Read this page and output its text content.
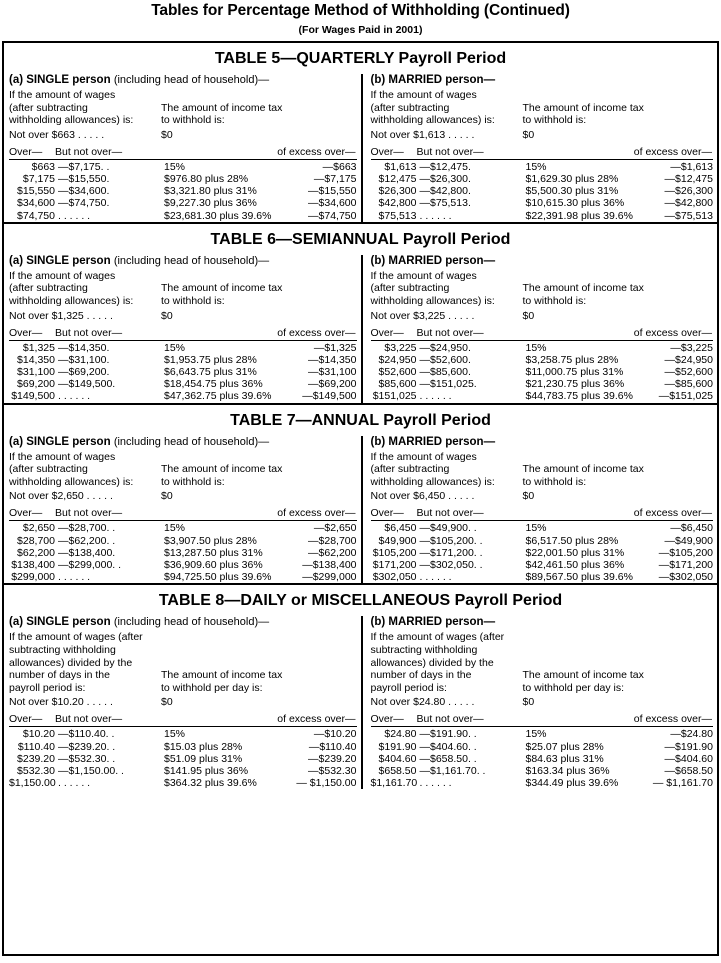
Tables for Percentage Method of Withholding (Continued)
(For Wages Paid in 2001)
TABLE 5—QUARTERLY Payroll Period
(a) SINGLE person (including head of household)—
If the amount of wages
(after subtracting
withholding allowances) is:
The amount of income tax
to withhold is:
Not over $663 . . . . .	$0
Over—	But not over—	of excess over—
$663 —$7,175. .	15%	—$663
$7,175 —$15,550.	$976.80 plus 28%	—$7,175
$15,550 —$34,600.	$3,321.80 plus 31%	—$15,550
$34,600 —$74,750.	$9,227.30 plus 36%	—$34,600
$74,750 . . . . . .	$23,681.30 plus 39.6%	—$74,750
(b) MARRIED person—
If the amount of wages
(after subtracting
withholding allowances) is:
The amount of income tax
to withhold is:
Not over $1,613 . . . . .	$0
Over—	But not over—	of excess over—
$1,613 —$12,475.	15%	—$1,613
$12,475 —$26,300.	$1,629.30 plus 28%	—$12,475
$26,300 —$42,800.	$5,500.30 plus 31%	—$26,300
$42,800 —$75,513.	$10,615.30 plus 36%	—$42,800
$75,513 . . . . . .	$22,391.98 plus 39.6%	—$75,513
TABLE 6—SEMIANNUAL Payroll Period
(a) SINGLE person (including head of household)—
If the amount of wages
(after subtracting
withholding allowances) is:
The amount of income tax
to withhold is:
Not over $1,325 . . . . .	$0
Over—	But not over—	of excess over—
$1,325 —$14,350.	15%	—$1,325
$14,350 —$31,100.	$1,953.75 plus 28%	—$14,350
$31,100 —$69,200.	$6,643.75 plus 31%	—$31,100
$69,200 —$149,500.	$18,454.75 plus 36%	—$69,200
$149,500 . . . . . .	$47,362.75 plus 39.6%	—$149,500
(b) MARRIED person—
If the amount of wages
(after subtracting
withholding allowances) is:
The amount of income tax
to withhold is:
Not over $3,225 . . . . .	$0
Over—	But not over—	of excess over—
$3,225 —$24,950.	15%	—$3,225
$24,950 —$52,600.	$3,258.75 plus 28%	—$24,950
$52,600 —$85,600.	$11,000.75 plus 31%	—$52,600
$85,600 —$151,025.	$21,230.75 plus 36%	—$85,600
$151,025 . . . . . .	$44,783.75 plus 39.6% —$151,025
TABLE 7—ANNUAL Payroll Period
(a) SINGLE person (including head of household)—
If the amount of wages
(after subtracting
withholding allowances) is:
The amount of income tax
to withhold is:
Not over $2,650 . . . . .	$0
Over—	But not over—	of excess over—
$2,650 —$28,700. .	15%	—$2,650
$28,700 —$62,200. .	$3,907.50 plus 28%	—$28,700
$62,200 —$138,400.	$13,287.50 plus 31%	—$62,200
$138,400 —$299,000. .	$36,909.60 plus 36%	—$138,400
$299,000 . . . . . .	$94,725.50 plus 39.6%	—$299,000
(b) MARRIED person—
If the amount of wages
(after subtracting
withholding allowances) is:
The amount of income tax
to withhold is:
Not over $6,450 . . . . .	$0
Over—	But not over—	of excess over—
$6,450 —$49,900. .	15%	—$6,450
$49,900 —$105,200. .	$6,517.50 plus 28%	—$49,900
$105,200 —$171,200. .	$22,001.50 plus 31%	—$105,200
$171,200 —$302,050. .	$42,461.50 plus 36%	—$171,200
$302,050 . . . . . .	$89,567.50 plus 39.6% —$302,050
TABLE 8—DAILY or MISCELLANEOUS Payroll Period
(a) SINGLE person (including head of household)—
If the amount of wages (after
subtracting withholding
allowances) divided by the
number of days in the
payroll period is:
The amount of income tax
to withhold per day is:
Not over $10.20 . . . . .	$0
Over—	But not over—	of excess over—
$10.20 —$110.40. .	15%	—$10.20
$110.40 —$239.20. .	$15.03 plus 28%	—$110.40
$239.20 —$532.30. .	$51.09 plus 31%	—$239.20
$532.30 —$1,150.00. .	$141.95 plus 36%	—$532.30
$1,150.00 . . . . . .	$364.32 plus 39.6%	— $1,150.00
(b) MARRIED person—
If the amount of wages (after
subtracting withholding
allowances) divided by the
number of days in the
payroll period is:
The amount of income tax
to withhold per day is:
Not over $24.80 . . . . .	$0
Over—	But not over—	of excess over—
$24.80 —$191.90. .	15%	—$24.80
$191.90 —$404.60. .	$25.07 plus 28%	—$191.90
$404.60 —$658.50. .	$84.63 plus 31%	—$404.60
$658.50 —$1,161.70. .	$163.34 plus 36%	—$658.50
$1,161.70 . . . . . .	$344.49 plus 39.6%	— $1,161.70
